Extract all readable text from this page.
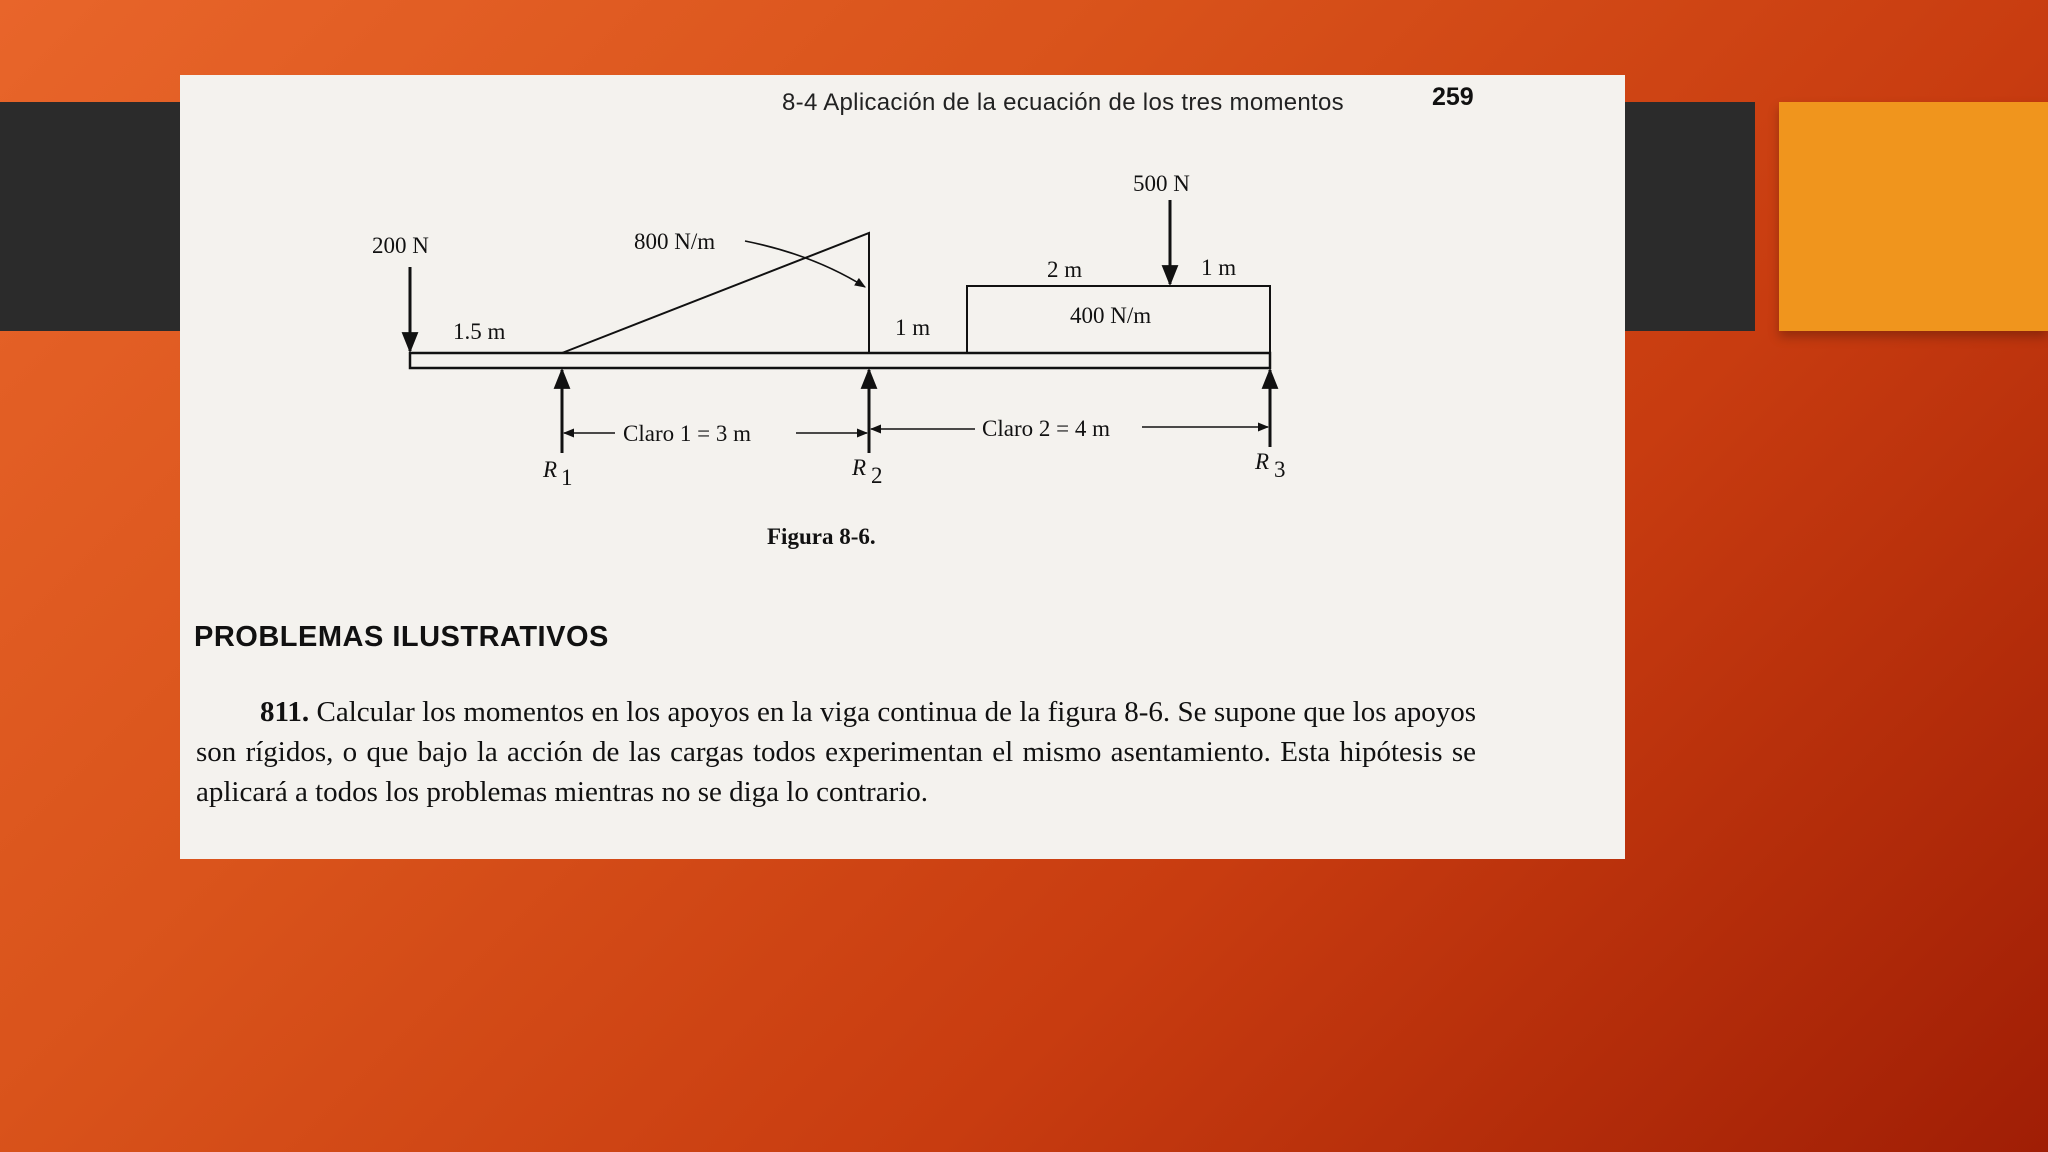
8-4 Aplicación de la ecuación de los tres momentos	259
200 N
1.5 m
800 N/m
1 m
500 N
2 m	1 m
400 N/m
Claro 1 = 3 m	Claro 2 = 4 m
R 1	R 2
R 3
Figura 8-6.
PROBLEMAS ILUSTRATIVOS
811. Calcular los momentos en los apoyos en la viga continua de la figura 8-6. Se supone que los apoyos son rígidos, o que bajo la acción de las cargas todos experimentan el mismo asentamiento. Esta hipótesis se aplicará a todos los problemas mientras no se diga lo contrario.
